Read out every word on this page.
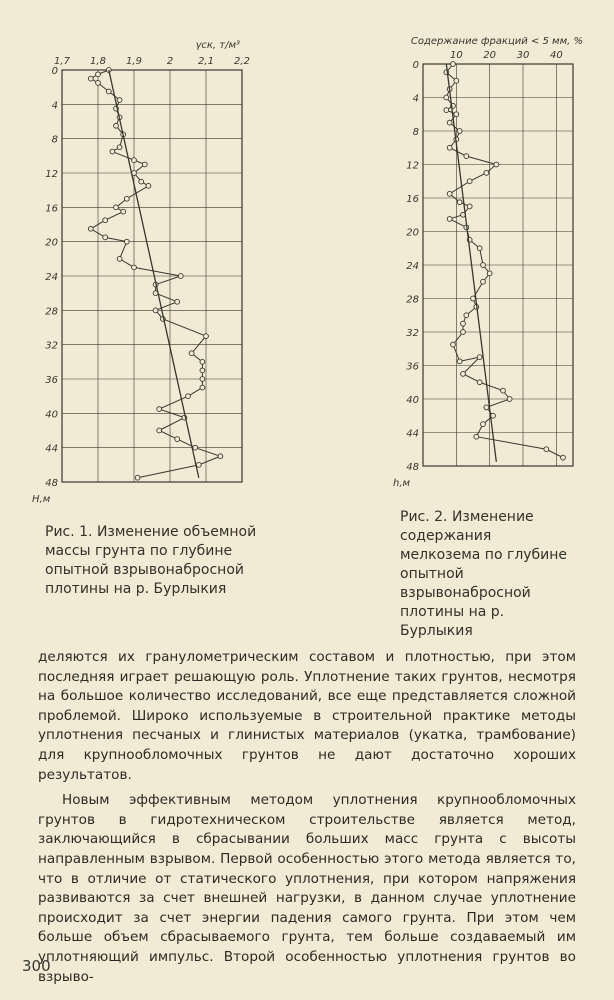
1,7 1,8 1,9 2 2,1 2,2
0
4
8
12
16
20
24
28
32
36
40
44
48
γск, т/м³
Н,м

Рис. 1. Изменение объемной массы грунта по глубине опытной взрывонабросной плотины на р. Бурлыкия

10 20 30 40
0
4
8
12
16
20
24
28
32
36
40
44
48
Содержание фракций < 5 мм, %
h,м

Рис. 2. Изменение содержания мелкозема по глубине опытной взрывонабросной плотины на р. Бурлыкия

деляются их гранулометрическим составом и плотностью, при этом последняя играет решающую роль. Уплотнение таких грунтов, несмотря на большое количество исследований, все еще представляется сложной проблемой. Широко используемые в строительной практике методы уплотнения песчаных и глинистых материалов (укатка, трамбование) для крупнообломочных грунтов не дают достаточно хороших результатов.

Новым эффективным методом уплотнения крупнообломочных грунтов в гидротехническом строительстве является метод, заключающийся в сбрасывании больших масс грунта с высоты направленным взрывом. Первой особенностью этого метода является то, что в отличие от статического уплотнения, при котором напряжения развиваются за счет внешней нагрузки, в данном случае уплотнение происходит за счет энергии падения самого грунта. При этом чем больше объем сбрасываемого грунта, тем больше создаваемый им уплотняющий импульс. Второй особенностью уплотнения грунтов во взрыво-

300
